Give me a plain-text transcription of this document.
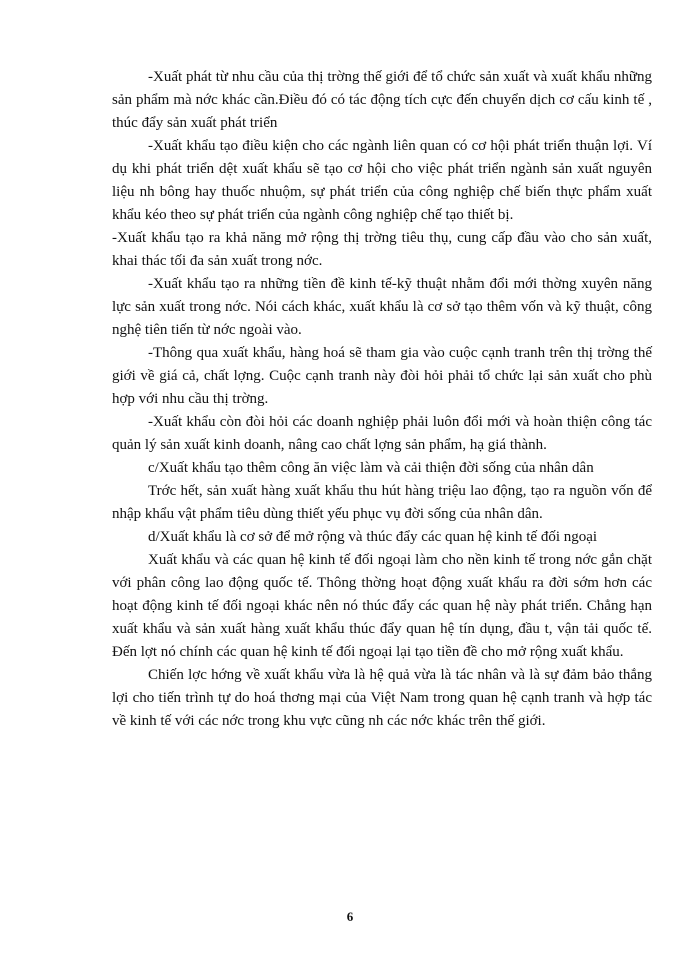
-Xuất phát từ nhu cầu của thị trờng thế giới để tổ chức sản xuất và xuất khẩu những sản phẩm mà nớc khác cần.Điều đó có tác động tích cực đến chuyển dịch cơ cấu kinh tế , thúc đẩy sản xuất phát triển

-Xuất khẩu tạo điều kiện cho các ngành liên quan có cơ hội phát triển thuận lợi. Ví dụ khi phát triển dệt xuất khẩu sẽ tạo cơ hội cho việc phát triển ngành sản xuất nguyên liệu nh bông hay thuốc nhuộm, sự phát triển của công nghiệp chế biến thực phẩm xuất khẩu kéo theo sự phát triển của ngành công nghiệp chế tạo thiết bị.

-Xuất khẩu tạo ra khả năng mở rộng thị trờng tiêu thụ, cung cấp đầu vào cho sản xuất, khai thác tối đa sản xuất trong nớc.

-Xuất khẩu tạo ra những tiền đề kinh tế-kỹ thuật nhằm đổi mới thờng xuyên năng lực sản xuất trong nớc. Nói cách khác, xuất khẩu là cơ sở tạo thêm vốn và kỹ thuật, công nghệ tiên tiến từ nớc ngoài vào.

-Thông qua xuất khẩu, hàng hoá sẽ tham gia vào cuộc cạnh tranh trên thị trờng thế giới về giá cả, chất lợng. Cuộc cạnh tranh này đòi hỏi phải tổ chức lại sản xuất cho phù hợp với nhu cầu thị trờng.

-Xuất khẩu còn đòi hỏi các doanh nghiệp phải luôn đổi mới và hoàn thiện công tác quản lý sản xuất kinh doanh, nâng cao chất lợng sản phẩm, hạ giá thành.

c/Xuất khẩu tạo thêm công ăn việc làm và cải thiện đời sống của nhân dân

Trớc hết, sản xuất hàng xuất khẩu thu hút hàng triệu lao động, tạo ra nguồn vốn để nhập khẩu vật phẩm tiêu dùng thiết yếu phục vụ đời sống của nhân dân.

d/Xuất khẩu là cơ sở để mở rộng và thúc đẩy các quan hệ kinh tế đối ngoại

Xuất khẩu và các quan hệ kinh tế đối ngoại làm cho nền kinh tế trong nớc gắn chặt với phân công lao động quốc tế. Thông thờng hoạt động xuất khẩu ra đời sớm hơn các hoạt động kinh tế đối ngoại khác nên nó thúc đẩy các quan hệ này phát triển. Chẳng hạn xuất khẩu và sản xuất hàng xuất khẩu thúc đẩy quan hệ tín dụng, đầu t, vận tải quốc tế. Đến lợt nó chính các quan hệ kinh tế đối ngoại lại tạo tiền đề cho mở rộng xuất khẩu.

Chiến lợc hớng về xuất khẩu vừa là hệ quả vừa là tác nhân và là sự đảm bảo thắng lợi cho tiến trình tự do hoá thơng mại của Việt Nam trong quan hệ cạnh tranh và hợp tác về kinh tế với các nớc trong khu vực cũng nh các nớc khác trên thế giới.

6
